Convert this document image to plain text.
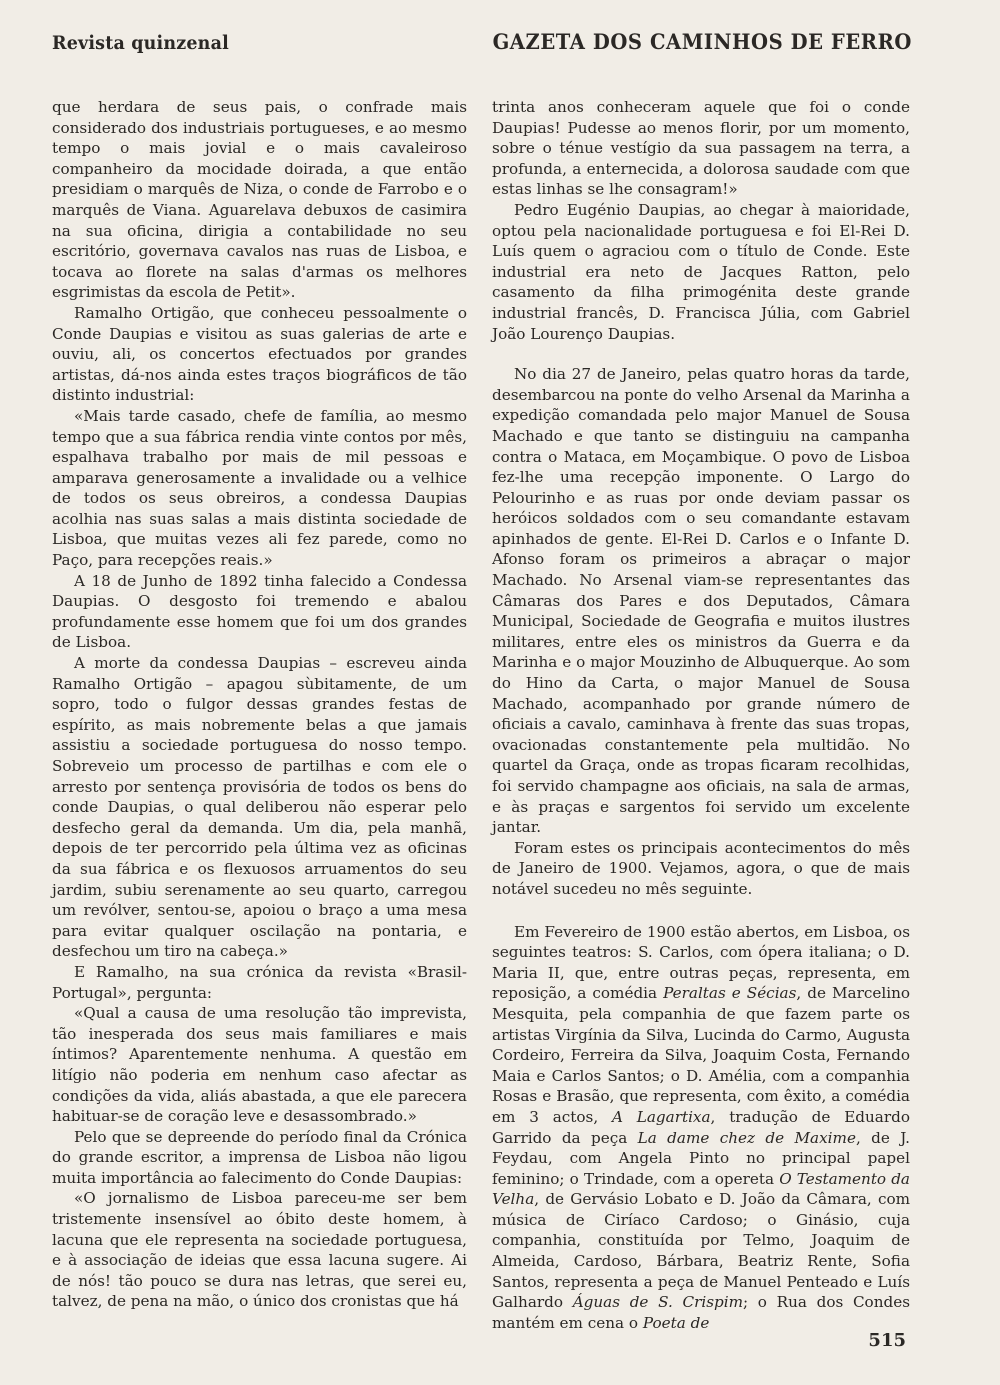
Revista quinzenal	GAZETA DOS CAMINHOS DE FERRO

que herdara de seus pais, o confrade mais considerado dos industriais portugueses, e ao mesmo tempo o mais jovial e o mais cavaleiroso companheiro da mocidade doirada, a que então presidiam o marquês de Niza, o conde de Farrobo e o marquês de Viana. Aguarelava debuxos de casimira na sua oficina, dirigia a contabilidade no seu escritório, governava cavalos nas ruas de Lisboa, e tocava ao florete na salas d'armas os melhores esgrimistas da escola de Petit».

Ramalho Ortigão, que conheceu pessoalmente o Conde Daupias e visitou as suas galerias de arte e ouviu, ali, os concertos efectuados por grandes artistas, dá-nos ainda estes traços biográficos de tão distinto industrial:

«Mais tarde casado, chefe de família, ao mesmo tempo que a sua fábrica rendia vinte contos por mês, espalhava trabalho por mais de mil pessoas e amparava generosamente a invalidade ou a velhice de todos os seus obreiros, a condessa Daupias acolhia nas suas salas a mais distinta sociedade de Lisboa, que muitas vezes ali fez parede, como no Paço, para recepções reais.»

A 18 de Junho de 1892 tinha falecido a Condessa Daupias. O desgosto foi tremendo e abalou profundamente esse homem que foi um dos grandes de Lisboa.

A morte da condessa Daupias – escreveu ainda Ramalho Ortigão – apagou sùbitamente, de um sopro, todo o fulgor dessas grandes festas de espírito, as mais nobremente belas a que jamais assistiu a sociedade portuguesa do nosso tempo. Sobreveio um processo de partilhas e com ele o arresto por sentença provisória de todos os bens do conde Daupias, o qual deliberou não esperar pelo desfecho geral da demanda. Um dia, pela manhã, depois de ter percorrido pela última vez as oficinas da sua fábrica e os flexuosos arruamentos do seu jardim, subiu serenamente ao seu quarto, carregou um revólver, sentou-se, apoiou o braço a uma mesa para evitar qualquer oscilação na pontaria, e desfechou um tiro na cabeça.»

E Ramalho, na sua crónica da revista «Brasil-Portugal», pergunta:

«Qual a causa de uma resolução tão imprevista, tão inesperada dos seus mais familiares e mais íntimos? Aparentemente nenhuma. A questão em litígio não poderia em nenhum caso afectar as condições da vida, aliás abastada, a que ele parecera habituar-se de coração leve e desassombrado.»

Pelo que se depreende do período final da Crónica do grande escritor, a imprensa de Lisboa não ligou muita importância ao falecimento do Conde Daupias:

«O jornalismo de Lisboa pareceu-me ser bem tristemente insensível ao óbito deste homem, à lacuna que ele representa na sociedade portuguesa, e à associação de ideias que essa lacuna sugere. Ai de nós! tão pouco se dura nas letras, que serei eu, talvez, de pena na mão, o único dos cronistas que há

trinta anos conheceram aquele que foi o conde Daupias! Pudesse ao menos florir, por um momento, sobre o ténue vestígio da sua passagem na terra, a profunda, a enternecida, a dolorosa saudade com que estas linhas se lhe consagram!»

Pedro Eugénio Daupias, ao chegar à maioridade, optou pela nacionalidade portuguesa e foi El-Rei D. Luís quem o agraciou com o título de Conde. Este industrial era neto de Jacques Ratton, pelo casamento da filha primogénita deste grande industrial francês, D. Francisca Júlia, com Gabriel João Lourenço Daupias.

No dia 27 de Janeiro, pelas quatro horas da tarde, desembarcou na ponte do velho Arsenal da Marinha a expedição comandada pelo major Manuel de Sousa Machado e que tanto se distinguiu na campanha contra o Mataca, em Moçambique. O povo de Lisboa fez-lhe uma recepção imponente. O Largo do Pelourinho e as ruas por onde deviam passar os heróicos soldados com o seu comandante estavam apinhados de gente. El-Rei D. Carlos e o Infante D. Afonso foram os primeiros a abraçar o major Machado. No Arsenal viam-se representantes das Câmaras dos Pares e dos Deputados, Câmara Municipal, Sociedade de Geografia e muitos ilustres militares, entre eles os ministros da Guerra e da Marinha e o major Mouzinho de Albuquerque. Ao som do Hino da Carta, o major Manuel de Sousa Machado, acompanhado por grande número de oficiais a cavalo, caminhava à frente das suas tropas, ovacionadas constantemente pela multidão. No quartel da Graça, onde as tropas ficaram recolhidas, foi servido champagne aos oficiais, na sala de armas, e às praças e sargentos foi servido um excelente jantar.

Foram estes os principais acontecimentos do mês de Janeiro de 1900. Vejamos, agora, o que de mais notável sucedeu no mês seguinte.

Em Fevereiro de 1900 estão abertos, em Lisboa, os seguintes teatros: S. Carlos, com ópera italiana; o D. Maria II, que, entre outras peças, representa, em reposição, a comédia Peraltas e Sécias, de Marcelino Mesquita, pela companhia de que fazem parte os artistas Virgínia da Silva, Lucinda do Carmo, Augusta Cordeiro, Ferreira da Silva, Joaquim Costa, Fernando Maia e Carlos Santos; o D. Amélia, com a companhia Rosas e Brasão, que representa, com êxito, a comédia em 3 actos, A Lagartixa, tradução de Eduardo Garrido da peça La dame chez de Maxime, de J. Feydau, com Angela Pinto no principal papel feminino; o Trindade, com a opereta O Testamento da Velha, de Gervásio Lobato e D. João da Câmara, com música de Ciríaco Cardoso; o Ginásio, cuja companhia, constituída por Telmo, Joaquim de Almeida, Cardoso, Bárbara, Beatriz Rente, Sofia Santos, representa a peça de Manuel Penteado e Luís Galhardo Águas de S. Crispim; o Rua dos Condes mantém em cena o Poeta de

515
